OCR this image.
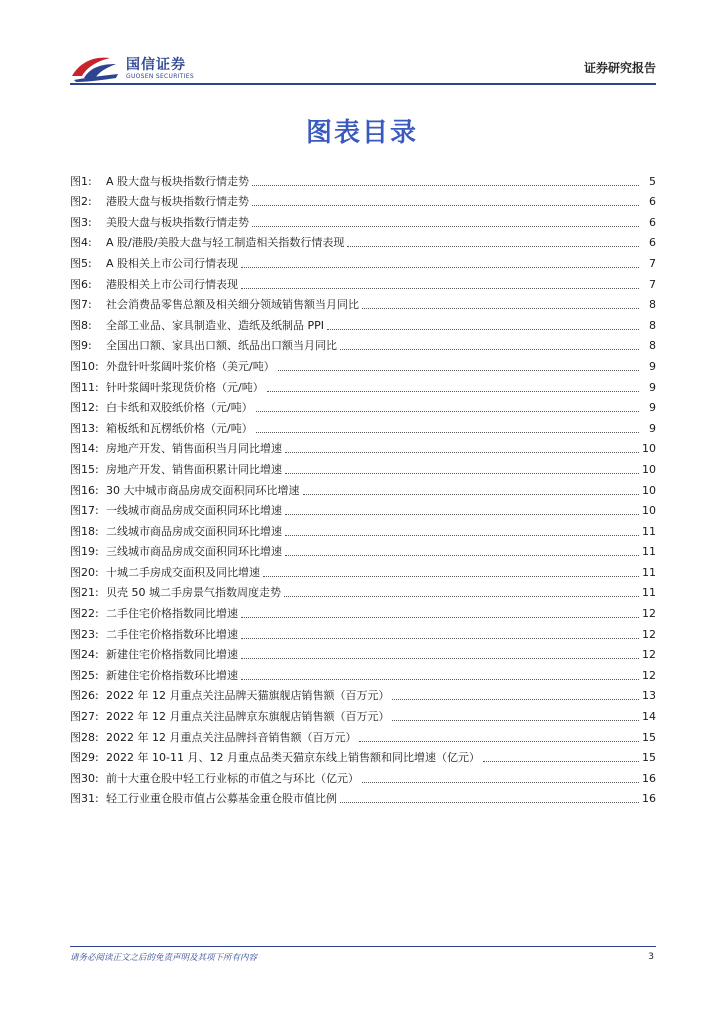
国信证券
GUOSEN SECURITIES
证券研究报告
图表目录
图1:	A 股大盘与板块指数行情走势	5
图2:	港股大盘与板块指数行情走势	6
图3:	美股大盘与板块指数行情走势	6
图4:	A 股/港股/美股大盘与轻工制造相关指数行情表现	6
图5:	A 股相关上市公司行情表现	7
图6:	港股相关上市公司行情表现	7
图7:	社会消费品零售总额及相关细分领域销售额当月同比	8
图8:	全部工业品、家具制造业、造纸及纸制品 PPI	8
图9:	全国出口额、家具出口额、纸品出口额当月同比	8
图10: 外盘针叶浆阔叶浆价格（美元/吨）	9
图11: 针叶浆阔叶浆现货价格（元/吨）	9
图12: 白卡纸和双胶纸价格（元/吨）	9
图13: 箱板纸和瓦楞纸价格（元/吨）	9
图14: 房地产开发、销售面积当月同比增速	10
图15: 房地产开发、销售面积累计同比增速	10
图16: 30 大中城市商品房成交面积同环比增速	10
图17: 一线城市商品房成交面积同环比增速	10
图18: 二线城市商品房成交面积同环比增速	11
图19: 三线城市商品房成交面积同环比增速	11
图20: 十城二手房成交面积及同比增速	11
图21: 贝壳 50 城二手房景气指数周度走势	11
图22: 二手住宅价格指数同比增速	12
图23: 二手住宅价格指数环比增速	12
图24: 新建住宅价格指数同比增速	12
图25: 新建住宅价格指数环比增速	12
图26: 2022 年 12 月重点关注品牌天猫旗舰店销售额（百万元）	13
图27: 2022 年 12 月重点关注品牌京东旗舰店销售额（百万元）	14
图28: 2022 年 12 月重点关注品牌抖音销售额（百万元）	15
图29: 2022 年 10-11 月、12 月重点品类天猫京东线上销售额和同比增速（亿元）	15
图30: 前十大重仓股中轻工行业标的市值之与环比（亿元）	16
图31: 轻工行业重仓股市值占公募基金重仓股市值比例	16
请务必阅读正文之后的免责声明及其项下所有内容	3
